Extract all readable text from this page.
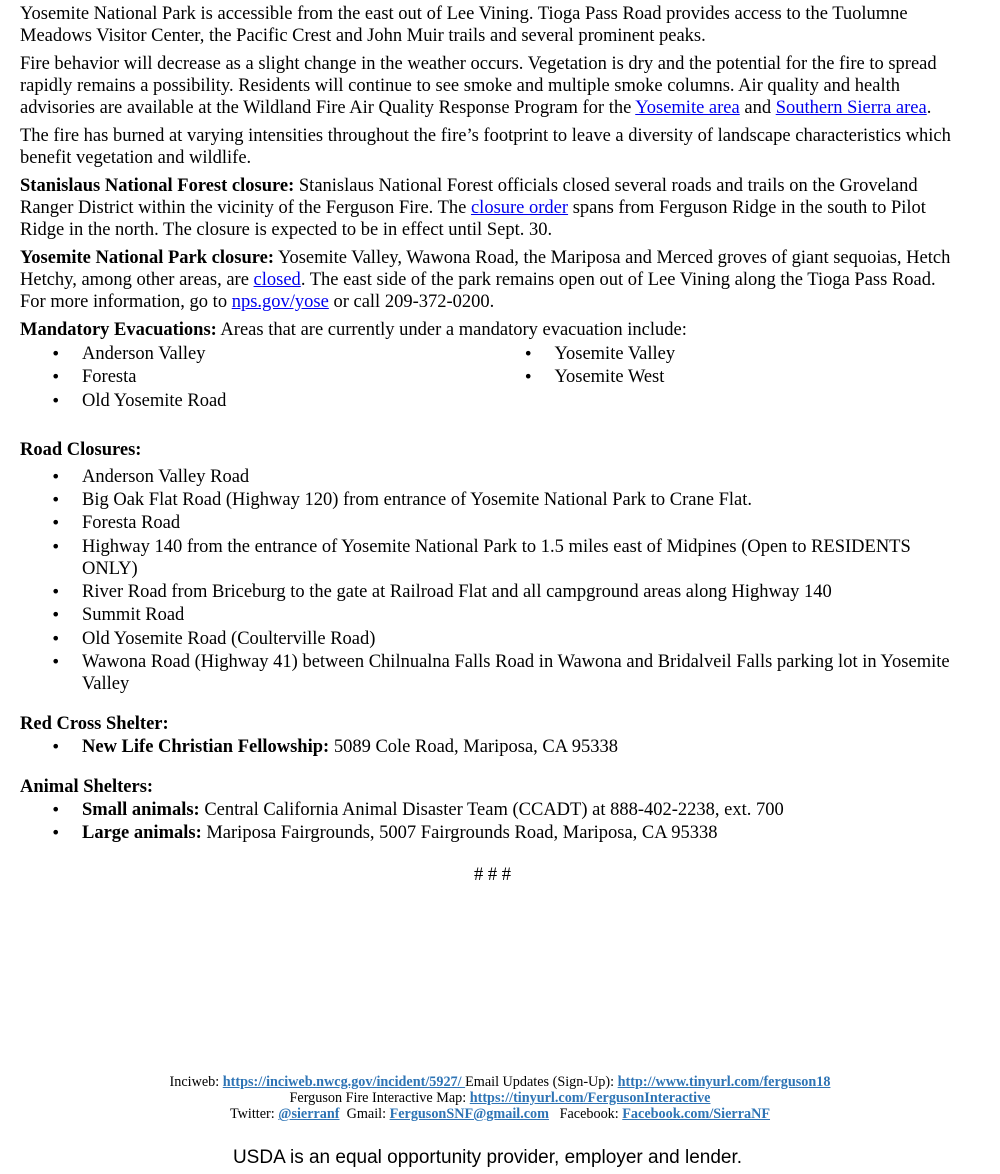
Yosemite National Park is accessible from the east out of Lee Vining. Tioga Pass Road provides access to the Tuolumne Meadows Visitor Center, the Pacific Crest and John Muir trails and several prominent peaks.

Fire behavior will decrease as a slight change in the weather occurs. Vegetation is dry and the potential for the fire to spread rapidly remains a possibility. Residents will continue to see smoke and multiple smoke columns. Air quality and health advisories are available at the Wildland Fire Air Quality Response Program for the Yosemite area and Southern Sierra area.

The fire has burned at varying intensities throughout the fire’s footprint to leave a diversity of landscape characteristics which benefit vegetation and wildlife.

Stanislaus National Forest closure: Stanislaus National Forest officials closed several roads and trails on the Groveland Ranger District within the vicinity of the Ferguson Fire. The closure order spans from Ferguson Ridge in the south to Pilot Ridge in the north. The closure is expected to be in effect until Sept. 30.

Yosemite National Park closure: Yosemite Valley, Wawona Road, the Mariposa and Merced groves of giant sequoias, Hetch Hetchy, among other areas, are closed. The east side of the park remains open out of Lee Vining along the Tioga Pass Road. For more information, go to nps.gov/yose or call 209-372-0200.

Mandatory Evacuations: Areas that are currently under a mandatory evacuation include:

• Anderson Valley
• Foresta
• Old Yosemite Road
• Yosemite Valley
• Yosemite West
Road Closures:
• Anderson Valley Road
• Big Oak Flat Road (Highway 120) from entrance of Yosemite National Park to Crane Flat.
• Foresta Road
• Highway 140 from the entrance of Yosemite National Park to 1.5 miles east of Midpines (Open to RESIDENTS ONLY)
• River Road from Briceburg to the gate at Railroad Flat and all campground areas along Highway 140
• Summit Road
• Old Yosemite Road (Coulterville Road)
• Wawona Road (Highway 41) between Chilnualna Falls Road in Wawona and Bridalveil Falls parking lot in Yosemite Valley
Red Cross Shelter:
• New Life Christian Fellowship: 5089 Cole Road, Mariposa, CA 95338
Animal Shelters:
• Small animals: Central California Animal Disaster Team (CCADT) at 888-402-2238, ext. 700
• Large animals: Mariposa Fairgrounds, 5007 Fairgrounds Road, Mariposa, CA 95338
# # #
Inciweb: https://inciweb.nwcg.gov/incident/5927/ Email Updates (Sign-Up): http://www.tinyurl.com/ferguson18
Ferguson Fire Interactive Map: https://tinyurl.com/FergusonInteractive
Twitter: @sierranf  Gmail: FergusonSNF@gmail.com   Facebook: Facebook.com/SierraNF
USDA is an equal opportunity provider, employer and lender.
